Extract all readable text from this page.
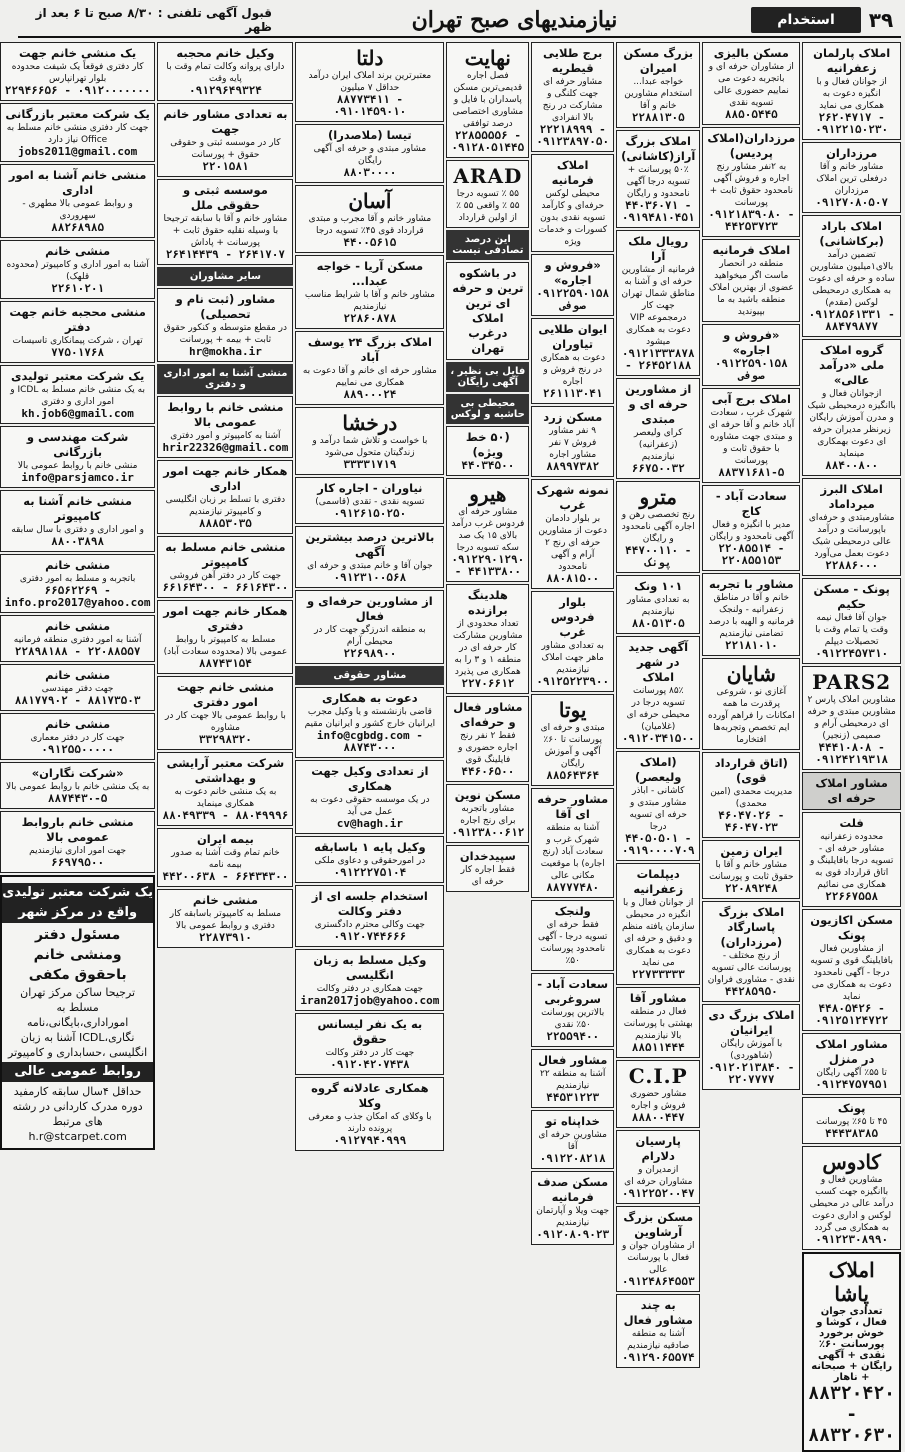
۳۹
استخدام
نیازمندیهای صبح تهران
قبول آگهی تلفنی : ۸/۳۰ صبح تا ۶ بعد از ظهر
املاک پارلمان زعفرانیه
از جوانان فعال و با انگیزه دعوت به همکاری می نماید
۲۶۲۰۴۷۱۷ - ۰۹۱۲۲۱۵۰۲۳۰
مرزداران
مشاور خانم و آقا درفعلی ترین املاک مرزداران
۰۹۱۲۷۰۸۰۵۰۷
املاک باراد (برکاشانی)
تضمین درآمد بالای۱میلیون مشاورین ساده و حرفه ای دعوت به همکاری درمحیطی لوکس (مقدم)
۰۹۱۲۸۵۶۱۳۳۱ - ۸۸۴۷۹۸۷۷
گروه املاک ملی «درآمد عالی»
ازجوانان فعال و باانگیزه درمحیطی شیک و مدرن آموزش رایگان زیرنظر مدیران حرفه ای دعوت بهمکاری مینماید
۸۸۴۰۰۸۰۰
املاک البرز میرداماد
مشاورمبتدی و حرفه‌ای باپورسانت و درآمد عالی درمحیطی شیک دعوت بعمل می‌آورد
۲۲۸۸۶۰۰۰
پونک - مسکن حکیم
جوان آقا فعال نیمه وقت یا تمام وقت با تحصیلات دیپلم
۰۹۱۲۲۴۵۷۳۱۰
PARS2
مشاورین املاک پارس ۲ مشاورین مبتدی و حرفه ای درمحیطی آرام و صمیمی (زنجیر)
۴۴۴۱۰۸۰۸ - ۰۹۱۲۴۲۱۹۳۱۸
مشاور املاک حرفه ای
فلت
محدوده زعفرانیه مشاور حرفه ای - تسویه درجا بافایلینگ و اتاق قرارداد قوی به همکاری می نمائیم
۲۲۶۶۷۵۵۸
مسکن اکازیون پونک
از مشاورین فعال بافایلینگ قوی و تسویه درجا - آگهی نامحدود دعوت به همکاری می نماید
۴۴۸۰۵۴۲۶ - ۰۹۱۲۵۱۲۴۷۲۲
مشاور املاک در منزل
تا ۵۵٪ آگهی رایگان
۰۹۱۲۴۷۵۷۹۵۱
پونک
۴۵ تا ۶۵٪ پورسانت
۴۴۴۳۸۳۸۵
کادوس
مشاورین فعال و باانگیزه جهت کسب درآمد عالی در محیطی لوکس و اداری دعوت به همکاری می گردد
۰۹۱۲۲۳۰۸۹۹۰
املاک پاشا
تعدادی جوان فعال ، کوشا و خوش برخورد پورسانت ۶۰٪ نقدی + آگهی رایگان + صبحانه + ناهار
۸۸۳۲۰۴۲۰ - ۸۸۳۲۰۶۳۰
مسکن بالیزی
از مشاوران حرفه ای و باتجربه دعوت می نماییم حضوری عالی تسویه نقدی
۸۸۵۰۵۴۴۵
مرزداران(املاک پردیس)
به ۲نفر مشاور رنج اجاره و فروش آگهی نامحدود حقوق ثابت + پورسانت
۰۹۱۲۱۸۳۹۰۸۰ - ۴۴۲۵۳۷۲۳
املاک فرمانیه
منطقه در انحصار ماست اگر میخواهید عضوی از بهترین املاک منطقه باشید به ما بپیوندید
«فروش و اجاره»
۰۹۱۲۲۵۹۰۱۵۸ صوفی
املاک برج آبی
شهرک غرب ، سعادت آباد خانم و آقا حرفه ای و مبتدی جهت مشاوره با حقوق ثابت و پورسانت
۸۸۳۷۱۶۸۱-۵
سعادت آباد - کاج
مدیر با انگیزه و فعال آگهی نامحدود و رایگان
۲۲۰۸۵۵۱۴ - ۲۲۰۸۵۵۱۵۳
مشاور با تجربه
خانم و آقا در مناطق زعفرانیه - ولنجک فرمانیه و الهیه با درصد تضامنی نیازمندیم
۲۲۱۸۱۰۱۰
شایان
آغازی نو ، شروعی پرقدرت ما همه امکانات را فراهم آورده ایم تخصص وتجربه‌ها افتخارما
(اتاق قرارداد قوی)
مدیریت محمدی (امین محمدی)
۴۶۰۴۷۰۲۶ - ۴۶۰۴۷۰۲۳
ایران زمین
مشاور خانم و آقا با حقوق ثابت و پورسانت
۲۲۰۸۹۲۴۸
املاک بزرگ پاسارگاد (مرزداران)
از رنج مختلف - پورسانت عالی تسویه نقدی - مشاوری فراوان
۴۴۲۸۵۹۵۰
املاک بزرگ دی ایرانیان
با آموزش رایگان (شاهوردی)
۰۹۱۲۰۲۱۳۸۴۰ - ۲۲۰۷۷۷۷
بزرگ مسکن امیران
خواجه عبدا... استخدام مشاورین خانم و آقا
۲۲۸۸۱۳۰۵
املاک بزرگ آراز(کاشانی)
۵۰٪ پورسانت + تسویه درجا آگهی نامحدود و رایگان
۴۴۰۳۶۰۷۱ - ۰۹۱۹۴۸۱۰۴۵۱
رویال ملک آرا
فرمانیه از مشاورین حرفه ای و آشنا به مناطق شمال تهران جهت کار درمجموعه VIP دعوت به همکاری میشود
۰۹۱۲۱۳۳۳۸۷۸ - ۲۶۴۵۲۱۸۸
از مشاورین حرفه ای و مبتدی
کرای ولیعصر (زعفرانیه) نیازمندیم
۶۶۷۵۰۰۳۲
مترو
رنج تخصصی رهن و اجاره آگهی نامحدود و رایگان
۴۴۷۰۰۱۱۰ - پونک
۱۰۱ ونک
به تعدادی مشاور نیازمندیم
۸۸۰۵۱۳۰۵
آگهی جدید در شهر املاک
۸۵٪ پورسانت تسویه درجا در محیطی حرفه ای (غلامیان)
۰۹۱۲۰۳۴۱۵۰۰
(املاک ولیعصر)
کاشانی - اباذر مشاور مبتدی و حرفه ای تسویه درجا
۴۴۰۵۰۵۰۱ - ۰۹۱۹۰۰۰۰۷۰۹
دیپلمات زعفرانیه
از جوانان فعال و با انگیزه در محیطی سازمان یافته منظم و دقیق و حرفه ای دعوت به همکاری می نماید
۲۲۷۳۳۳۳۳
مشاور آقا
فعال در منطقه بهشتی با پورسانت بالا نیازمندیم
۸۸۵۱۱۴۴۴
C.I.P
مشاور حضوری فروش و اجاره
۸۸۸۰۰۴۴۷
پارسیان دلارام
ازمدیران و مشاوران حرفه ای
۰۹۱۲۲۵۲۰۰۴۷
مسکن بزرگ آرشاوین
از مشاوران جوان و فعال با پورسانت عالی
۰۹۱۲۴۸۶۴۵۵۳
به چند مشاور فعال
آشنا به منطقه صادقیه نیازمندیم
۰۹۱۲۹۰۶۵۵۷۴
برج طلایی قیطریه
مشاور حرفه ای جهت کلنگی و مشارکت در رنج بالا انفرادی
۲۲۲۱۸۹۹۹ - ۰۹۱۲۳۸۹۷۰۵۰
املاک فرمانیه
محیطی لوکس حرفه‌ای و کارآمد تسویه نقدی بدون کسورات و خدمات ویژه
«فروش و اجاره»
۰۹۱۲۲۵۹۰۱۵۸ صوفی
ایوان طلایی تیاوران
دعوت به همکاری در رنج فروش و اجاره
۲۶۱۱۱۳۰۴۱
مسکن زرد
۹ نفر مشاور فروش ۷ نفر مشاور اجاره
۸۸۹۹۷۳۸۲
نمونه شهرک غرب
بر بلوار دادمان دعوت از مشاورین حرفه ای رنج ۲ آرام و آگهی نامحدود
۸۸۰۸۱۵۰۰
بلوار فردوس غرب
به تعدادی مشاور ماهر جهت املاک نیازمندیم
۰۹۱۲۵۲۲۳۹۰۰
یوتا
مبتدی و حرفه ای پورسانت تا ۶۰٪ آگهی و آموزش رایگان
۸۸۵۶۴۳۶۴
مشاور حرفه ای آقا
آشنا به منطقه شهرک غرب و سعادت آباد (رنج اجاره) با موقعیت مکانی عالی
۸۸۷۷۷۴۸۰
ولنجک
فقط حرفه ای تسویه درجا - آگهی نامحدود پورسانت ۵۰٪
سعادت آباد - سروغربی
بالاترین پورسانت ۵۰٪ نقدی
۲۲۵۵۹۴۰۰
مشاور فعال
آشنا به منطقه ۲۲ نیازمندیم
۴۴۵۳۱۲۲۳
خداپناه تو
مشاورین حرفه ای آقا
۰۹۱۲۲۰۸۲۱۸
مسکن صدف فرمانیه
جهت ویلا و آپارتمان نیازمندیم
۰۹۱۲۰۸۰۹۰۲۳
نهایت
فصل اجاره قدیمی‌ترین مسکن پاسداران با فایل و مشاوری اختصاصی درصد توافقی
۲۲۸۵۵۵۵۶ - ۰۹۱۲۸۰۵۱۴۴۵
ARAD
۵۵ ٪ تسویه درجا ۵۵ ٪ واقعی ۵۵ ٪ از اولین قرارداد
این درصد تصادفی نیست
در باشکوه ترین و حرفه ای ترین املاک درغرب تهران
فایل بی نظیر ، آگهی رایگان
محیطی بی حاشیه و لوکس
(۵۰ خط ویژه)
۴۴۰۳۴۵۰۰
هیرو
مشاور حرفه ای فردوس غرب درآمد بالای ۱۵ یک صد سکه تسویه درجا
۰۹۱۲۲۹۰۱۲۹۰ - ۴۴۱۳۳۸۰۰
هلدینگ برازنده
تعداد محدودی از مشاورین مشارکت کار حرفه ای در منطقه ۱ و ۳ را به همکاری می پذیرد
۲۲۷۰۶۶۱۲
مشاور فعال و حرفه‌ای
فقط ۲ نفر رنج اجاره حضوری و فایلینگ قوی
۴۴۶۰۶۵۰۰
مسکن نوین
مشاور باتجربه برای رنج اجاره
۰۹۱۲۳۸۰۰۶۱۲
سپیدخدان
فقط اجاره کار حرفه ای
دلتا
معتبرترین برند املاک ایران درآمد حداقل ۷ میلیون
۸۸۷۷۳۴۱۱ - ۰۹۱۰۱۴۵۹۰۱۰
تیسا (ملاصدرا)
مشاور مبتدی و حرفه ای آگهی رایگان
۸۸۰۳۰۰۰۰
آسان
مشاور خانم و آقا مجرب و مبتدی قرارداد قوی ۴۵٪ تسویه درجا
۴۴۰۰۵۶۱۵
مسکن آریا - خواجه عبدا...
مشاور خانم و آقا با شرایط مناسب نیازمندیم
۲۲۸۶۰۸۷۸
املاک بزرگ ۲۴ یوسف آباد
مشاور حرفه ای خانم و آقا دعوت به همکاری می نماییم
۸۸۹۰۰۰۲۴
درخشا
با خواست و تلاش شما درآمد و زندگیتان متحول می‌شود
۳۳۳۳۱۷۱۹
نیاوران - اجاره کار
تسویه نقدی - تقدی (قاسمی)
۰۹۱۲۶۱۵۰۲۵۰
بالاترین درصد بیشترین آگهی
جوان آقا و خانم مبتدی و حرفه ای
۰۹۱۲۳۱۰۰۵۶۸
از مشاورین حرفه‌ای و فعال
به منطقه اندرزگو جهت کار در محیطی آرام
۲۲۶۹۸۹۰۰
مشاور حقوقی
دعوت به همکاری
قاضی بازنشسته و یا وکیل مجرب ایرانیان خارج کشور و ایرانیان مقیم
info@cgbdg.com - ۸۸۷۴۳۰۰۰
از تعدادی وکیل جهت همکاری
در یک موسسه حقوقی دعوت به عمل می آید
cv@hagh.ir
وکیل پایه ۱ باسابقه
در امورحقوقی و دعاوی ملکی
۰۹۱۲۲۲۷۵۱۰۴
استخدام جلسه ای از دفتر وکالت
جهت وکالی محترم دادگستری
۰۹۱۲۰۷۴۴۶۶۶
وکیل مسلط به زبان انگلیسی
جهت همکاری در دفتر وکالت
iran2017job@yahoo.com
به یک نفر لیسانس حقوق
جهت کار در دفتر وکالت
۰۹۱۲۰۴۲۰۷۴۳۸
همکاری عادلانه گروه وکلا
با وکلای که امکان جذب و معرفی پرونده دارند
۰۹۱۲۷۹۴۰۹۹۹
وکیل خانم محجبه
دارای پروانه وکالت تمام وقت با پایه وقت
۰۹۱۲۹۶۴۹۳۲۴
به تعدادی مشاور خانم جهت
کار در موسسه ثبتی و حقوقی حقوق + پورسانت
۲۲۰۱۵۸۱
موسسه ثبتی و حقوقی ملل
مشاور خانم و آقا با سابقه ترجیحا با وسیله نقلیه حقوق ثابت + پورسانت + پاداش
۲۶۴۱۴۴۳۹ - ۲۶۴۱۷۰۷
سایر مشاوران
مشاور (ثبت نام و تحصیلی)
در مقطع متوسطه و کنکور حقوق ثابت + بیمه + پورسانت
hr@mokha.ir
منشی آشنا به امور اداری و دفتری
منشی خانم با روابط عمومی بالا
آشنا به کامپیوتر و امور دفتری
hrir22326@gmail.com
همکار خانم جهت امور اداری
دفتری با تسلط بر زبان انگلیسی و کامپیوتر نیازمندیم
۸۸۸۵۳۰۳۵
منشی خانم مسلط به کامپیوتر
جهت کار در دفتر آهن فروشی
۶۶۱۶۴۳۰۰ - ۶۶۱۶۴۳۰۰
همکار خانم جهت امور دفتری
مسلط به کامپیوتر با روابط عمومی بالا (محدوده سعادت آباد)
۸۸۷۴۳۱۵۴
منشی خانم جهت امور دفتری
با روابط عمومی بالا جهت کار در مشاوره
۳۳۲۹۸۳۲۰
شرکت معتبر آرایشی و بهداشتی
به یک منشی خانم دعوت به همکاری مینماید
۸۸۰۴۹۳۳۹ - ۸۸۰۴۹۹۹۶
بیمه ایران
خانم تمام وقت آشنا به صدور بیمه نامه
۴۴۲۰۰۶۳۸ - ۶۶۴۳۴۳۰۰
منشی خانم
مسلط به کامپیوتر باسابقه کار دفتری و روابط عمومی بالا
۲۲۸۷۳۹۱۰
یک منشی خانم جهت
کار دفتری فوقعاً یک شیفت محدوده بلوار تهرانپارس
۲۲۹۴۶۶۵۶ - ۰۹۱۲۰۰۰۰۰۰۰
یک شرکت معتبر بازرگانی
جهت کار دفتری منشی خانم مسلط به Office نیاز دارد
jobs2011@gmail.com
منشی خانم آشنا به امور اداری
و روابط عمومی بالا مطهری - سهروردی
۸۸۲۶۸۹۸۵
منشی خانم
آشنا به امور اداری و کامپیوتر (محدوده قلهک)
۲۲۶۱۰۲۰۱
منشی محجبه خانم جهت دفتر
تهران ، شرکت پیمانکاری تاسیسات
۷۷۵۰۱۷۶۸
یک شرکت معتبر تولیدی
به یک منشی خانم مسلط به ICDL و امور اداری و دفتری
kh.job6@gmail.com
شرکت مهندسی و بازرگانی
منشی خانم با روابط عمومی بالا
info@parsjamco.ir
منشی خانم آشنا به کامپیوتر
و امور اداری و دفتری با سال سابقه
۸۸۰۰۳۸۹۸
منشی خانم
باتجربه و مسلط به امور دفتری
۶۶۵۶۲۲۶۹ - info.pro2017@yahoo.com
منشی خانم
آشنا به امور دفتری منطقه فرمانیه
۲۲۸۹۸۱۸۸ - ۲۲۰۸۸۵۵۷
منشی خانم
جهت دفتر مهندسی
۸۸۱۷۷۹۰۲ - ۸۸۱۷۳۵۰۳
منشی خانم
جهت کار در دفتر معماری
۰۹۱۲۵۵۰۰۰۰۰
«شرکت نگاران»
به یک منشی خانم با روابط عمومی بالا
۸۸۷۴۴۳۰-۵
منشی خانم باروابط عمومی بالا
جهت امور اداری نیازمندیم
۶۶۹۷۹۵۰۰
یک شرکت معتبر تولیدی واقع در مرکز شهر
مسئول دفتر ومنشی خانم باحقوق مکفی
ترجیحا ساکن مرکز تهران
مسلط به اموراداری،بایگانی،نامه نگاری،ICDL آشنا به زبان انگلیسی ،حسابداری و کامپیوتر
روابط عمومی عالی
حداقل ۴سال سابقه کارمفید دوره مدرک کاردانی در رشته های مرتبط
h.r@stcarpet.com
